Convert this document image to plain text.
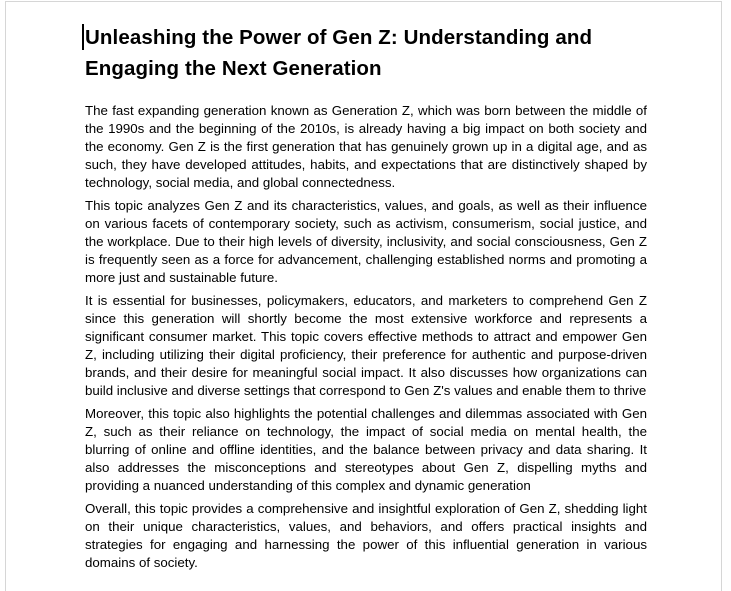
Unleashing the Power of Gen Z: Understanding and Engaging the Next Generation

The fast expanding generation known as Generation Z, which was born between the middle of the 1990s and the beginning of the 2010s, is already having a big impact on both society and the economy. Gen Z is the first generation that has genuinely grown up in a digital age, and as such, they have developed attitudes, habits, and expectations that are distinctively shaped by technology, social media, and global connectedness.

This topic analyzes Gen Z and its characteristics, values, and goals, as well as their influence on various facets of contemporary society, such as activism, consumerism, social justice, and the workplace. Due to their high levels of diversity, inclusivity, and social consciousness, Gen Z is frequently seen as a force for advancement, challenging established norms and promoting a more just and sustainable future.

It is essential for businesses, policymakers, educators, and marketers to comprehend Gen Z since this generation will shortly become the most extensive workforce and represents a significant consumer market. This topic covers effective methods to attract and empower Gen Z, including utilizing their digital proficiency, their preference for authentic and purpose-driven brands, and their desire for meaningful social impact. It also discusses how organizations can build inclusive and diverse settings that correspond to Gen Z's values and enable them to thrive

Moreover, this topic also highlights the potential challenges and dilemmas associated with Gen Z, such as their reliance on technology, the impact of social media on mental health, the blurring of online and offline identities, and the balance between privacy and data sharing. It also addresses the misconceptions and stereotypes about Gen Z, dispelling myths and providing a nuanced understanding of this complex and dynamic generation

Overall, this topic provides a comprehensive and insightful exploration of Gen Z, shedding light on their unique characteristics, values, and behaviors, and offers practical insights and strategies for engaging and harnessing the power of this influential generation in various domains of society.
